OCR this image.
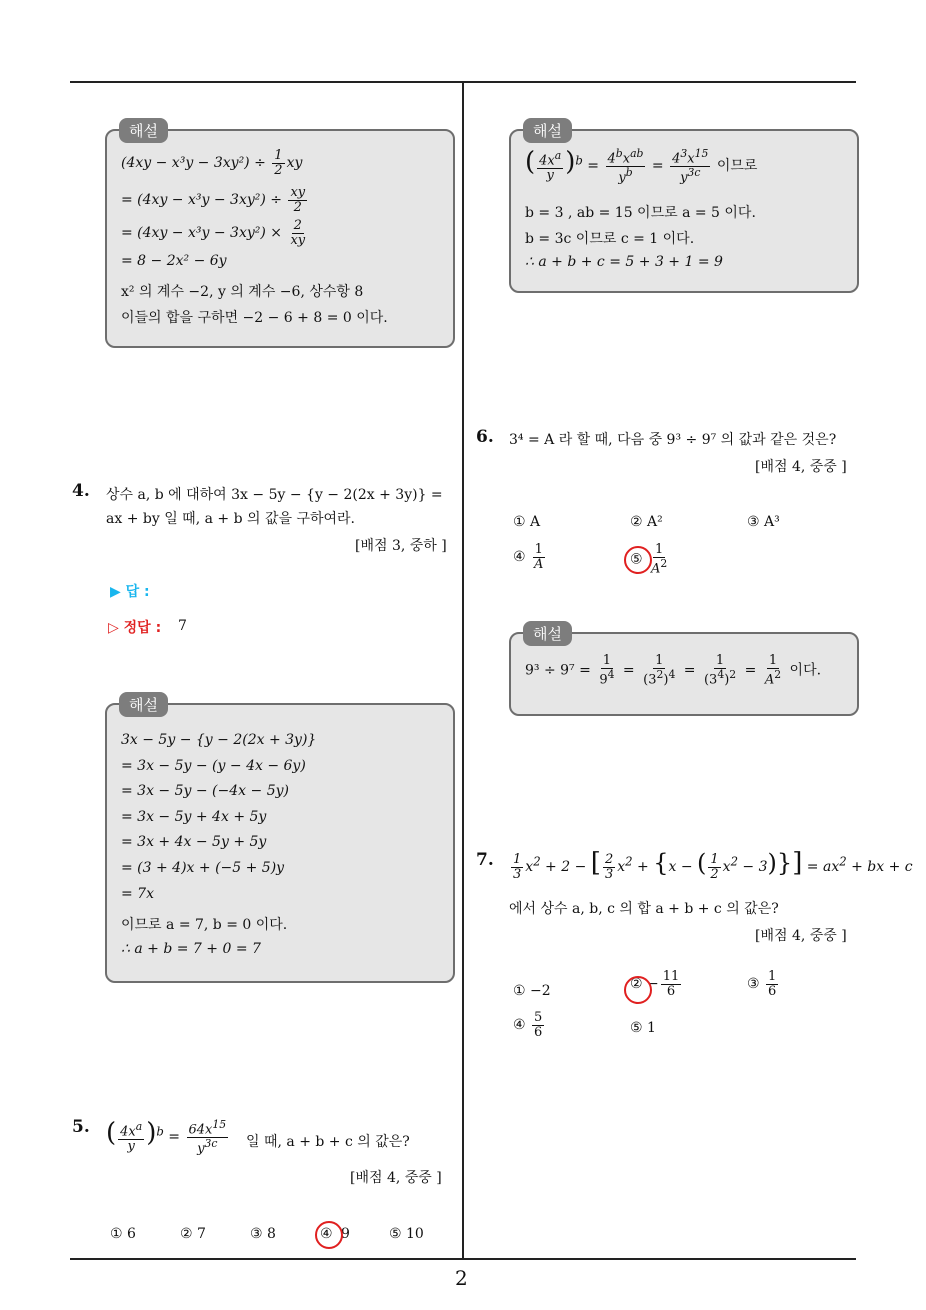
2
해설
$(4xy - x^3y - 3xy^2) \div \frac{1}{2}$ xy
= $(4xy - x^3y - 3xy^2) \div \frac{xy}{2}$
= $(4xy - x^3y - 3xy^2) \times \frac{2}{xy}$
= 8 − 2x² − 6y
x² 의 계수 −2, y 의 계수 −6, 상수항 8
이들의 합을 구하면 −2 − 6 + 8 = 0 이다.
4. 상수 a, b 에 대하여 3x − 5y − {y − 2(2x + 3y)} =
ax + by 일 때, a + b 의 값을 구하여라.
[배점 3, 중하 ]
▶ 답 :
▷ 정답 : 7
해설
3x − 5y − {y − 2(2x + 3y)}
= 3x − 5y − (y − 4x − 6y)
= 3x − 5y − (−4x − 5y)
= 3x − 5y + 4x + 5y
= 3x + 4x − 5y + 5y
= (3 + 4)x + (−5 + 5)y
= 7x
이므로 a = 7, b = 0 이다.
∴ a + b = 7 + 0 = 7
5. ( $\frac{4x^a}{y} )^b = \frac{64x^{15}}{y^{3c}}$ 일 때, a + b + c 의 값은?
[배점 4, 중중 ]
① 6	② 7	③ 8	④ 9	⑤ 10
해설
( $\frac{4x^a}{y} )^b = \frac{4^bx^{ab}}{y^b} = \frac{4^3x^{15}}{y^{3c}}$ 이므로
b = 3 , ab = 15 이므로 a = 5 이다.
b = 3c 이므로 c = 1 이다.
∴ a + b + c = 5 + 3 + 1 = 9
6. 3⁴ = A 라 할 때, 다음 중 9³ ÷ 9⁷ 의 값과 같은 것은?
[배점 4, 중중 ]
① A	② A²	③ A³
④ $\frac{1}{A}$	⑤ $\frac{1}{A^2}$
해설
$9^3 \div 9^7 = \frac{1}{9^4} = \frac{1}{(3^2)^4} = \frac{1}{(3^4)^2} = \frac{1}{A^2}$ 이다.
7. $\frac{1}{3} x^2 + 2$ − [ $\frac{2}{3} x^2 + \{x$ − ( $\frac{1}{2} x^2 - 3)\}] = ax^2$ + bx + c
에서 상수 a, b, c 의 합 a + b + c 의 값은?
[배점 4, 중중 ]
① −2	② − $\frac{11}{6}$	③ $\frac{1}{6}$
④ $\frac{5}{6}$	⑤ 1
